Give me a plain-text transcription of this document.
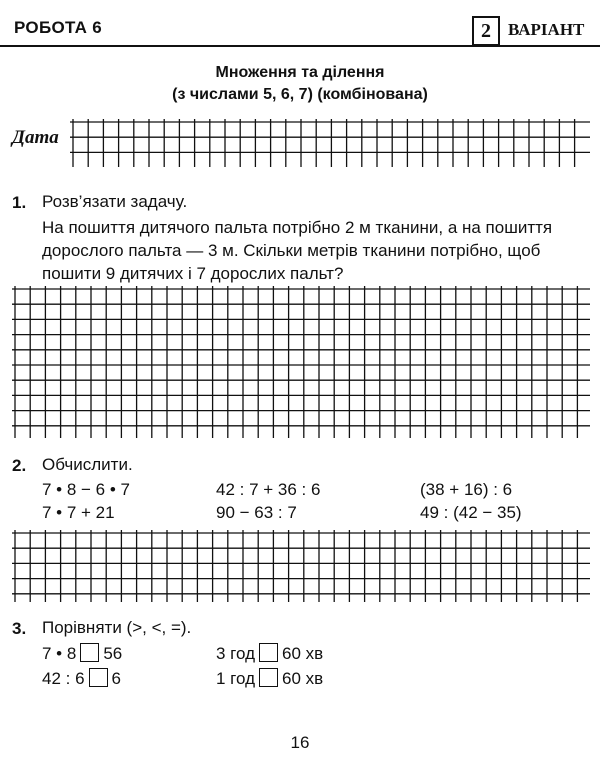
РОБОТА 6	2	ВАРІАНТ
Множення та ділення
(з числами 5, 6, 7) (комбінована)
Дата
1. Розв’язати задачу.
На пошиття дитячого пальта потрібно 2 м тканини, а на пошиття
дорослого пальта — 3 м. Скільки метрів тканини потрібно, щоб
пошити 9 дитячих і 7 дорослих пальт?
2. Обчислити.
7 • 8 − 6 • 7	42 : 7 + 36 : 6	(38 + 16) : 6
7 • 7 + 21	90 − 63 : 7	49 : (42 − 35)
3. Порівняти (>, <, =).
7 • 8 56	3 год 60 хв
42 : 6 6	1 год 60 хв
16
